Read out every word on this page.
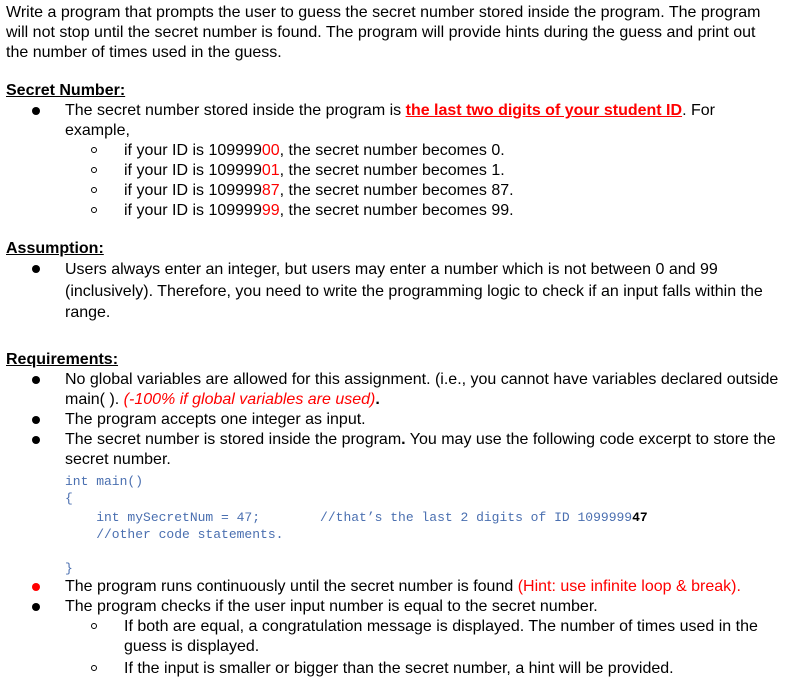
Write a program that prompts the user to guess the secret number stored inside the program. The program will not stop until the secret number is found. The program will provide hints during the guess and print out the number of times used in the guess.

Secret Number:

The secret number stored inside the program is the last two digits of your student ID. For example,
if your ID is 10999900, the secret number becomes 0.
if your ID is 10999901, the secret number becomes 1.
if your ID is 10999987, the secret number becomes 87.
if your ID is 10999999, the secret number becomes 99.

Assumption:

Users always enter an integer, but users may enter a number which is not between 0 and 99 (inclusively). Therefore, you need to write the programming logic to check if an input falls within the range.

Requirements:

No global variables are allowed for this assignment. (i.e., you cannot have variables declared outside main( ). (-100% if global variables are used).
The program accepts one integer as input.
The secret number is stored inside the program. You may use the following code excerpt to store the secret number.
int main()
{
int mySecretNum = 47;	//that’s the last 2 digits of ID 109999947
//other code statements.
}
The program runs continuously until the secret number is found (Hint: use infinite loop & break).
The program checks if the user input number is equal to the secret number.
If both are equal, a congratulation message is displayed. The number of times used in the guess is displayed.
If the input is smaller or bigger than the secret number, a hint will be provided.
